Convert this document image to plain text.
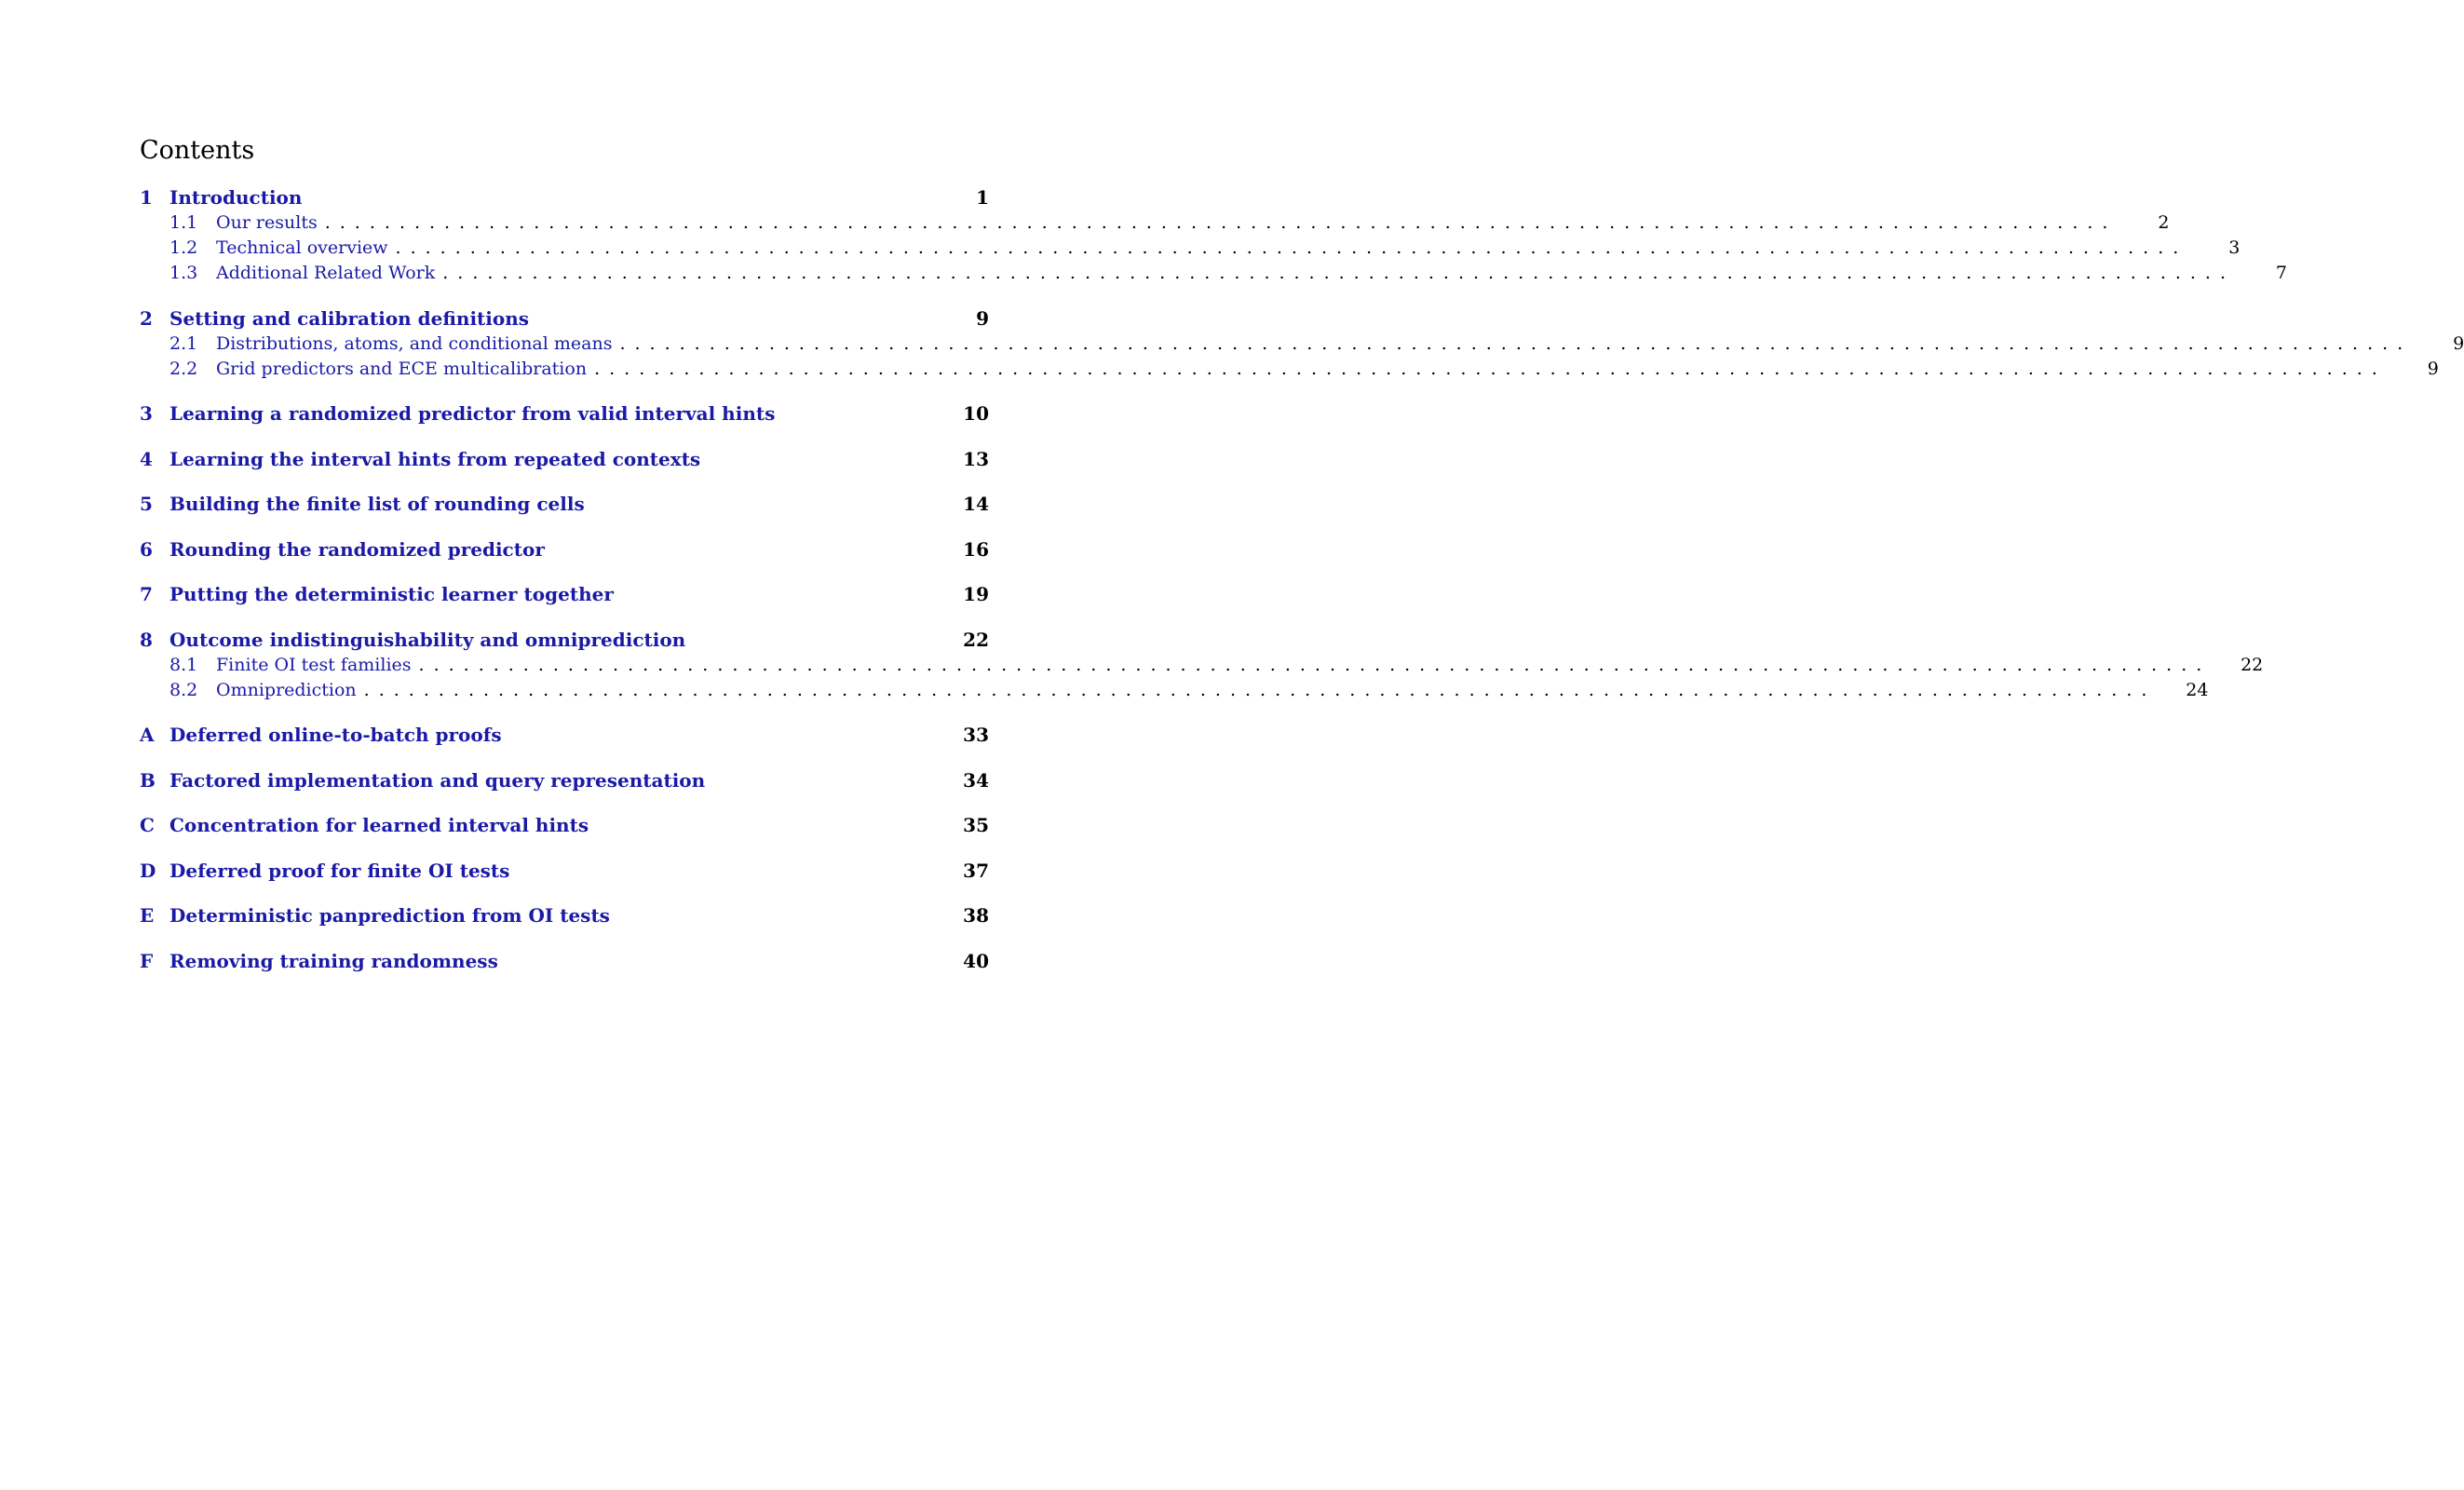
Contents
1 Introduction	1
1.1	Our results ........................................................................................................................	2
1.2	Technical overview ........................................................................................................................	3
1.3	Additional Related Work ........................................................................................................................	7
2 Setting and calibration definitions	9
2.1	Distributions, atoms, and conditional means ........................................................................................................................	9
2.2	Grid predictors and ECE multicalibration ........................................................................................................................	9
3 Learning a randomized predictor from valid interval hints	10
4 Learning the interval hints from repeated contexts	13
5 Building the finite list of rounding cells	14
6 Rounding the randomized predictor	16
7 Putting the deterministic learner together	19
8 Outcome indistinguishability and omniprediction	22
8.1	Finite OI test families ........................................................................................................................	22
8.2	Omniprediction ........................................................................................................................	24
A Deferred online-to-batch proofs	33
B Factored implementation and query representation	34
C Concentration for learned interval hints	35
D Deferred proof for finite OI tests	37
E Deterministic panprediction from OI tests	38
F Removing training randomness	40
